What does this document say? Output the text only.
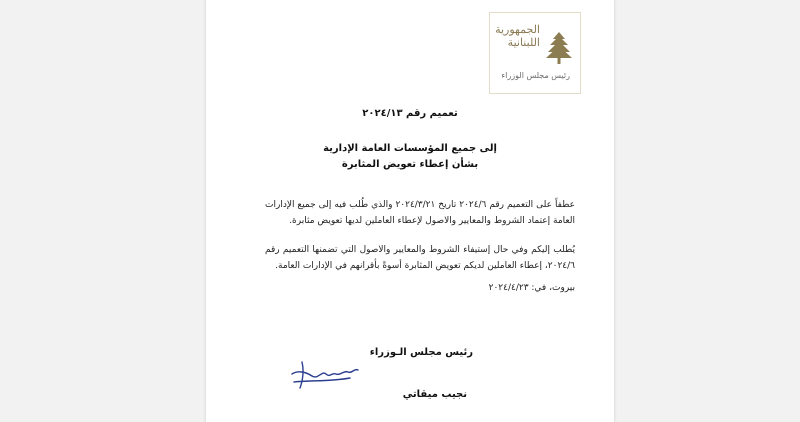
الجمهورية
اللبنانية
رئيس مجلس الوزراء
تعميم رقم ٢٠٢٤/١٣
إلى جميع المؤسسات العامة الإدارية
بشأن إعطاء تعويض المثابرة
عطفاً على التعميم رقم ٢٠٢٤/٦ تاريخ ٢٠٢٤/٣/٢١ والذي طُلب فيه إلى جميع الإدارات العامة إعتماد الشروط والمعايير والاصول لإعطاء العاملين لديها تعويض مثابرة.
يُطلب إليكم وفي حال إستيفاء الشروط والمعايير والاصول التي تضمنها التعميم رقم ٢٠٢٤/٦، إعطاء العاملين لديكم تعويض المثابرة أسوةً بأقرانهم في الإدارات العامة.
بيروت، في: ٢٠٢٤/٤/٢٣
رئيس مجلس الـوزراء
نجيب ميقاتي
